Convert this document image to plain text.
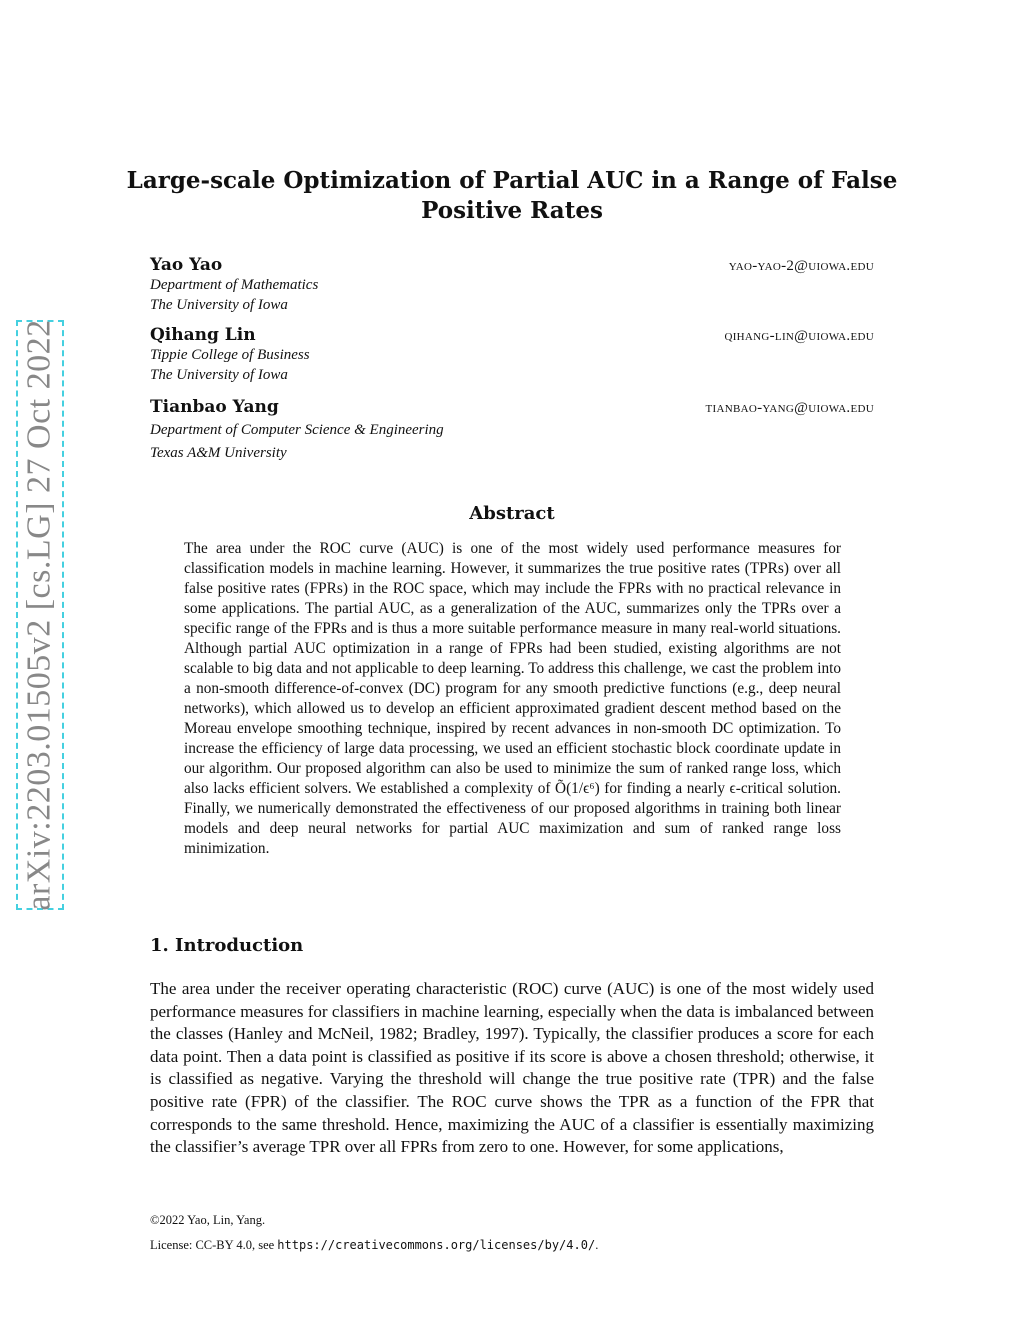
arXiv:2203.01505v2 [cs.LG] 27 Oct 2022
Large-scale Optimization of Partial AUC in a Range of False Positive Rates
Yao Yao	yao-yao-2@uiowa.edu
Department of Mathematics
The University of Iowa
Qihang Lin	qihang-lin@uiowa.edu
Tippie College of Business
The University of Iowa
Tianbao Yang	tianbao-yang@uiowa.edu
Department of Computer Science & Engineering
Texas A&M University
Abstract
The area under the ROC curve (AUC) is one of the most widely used performance measures for classification models in machine learning. However, it summarizes the true positive rates (TPRs) over all false positive rates (FPRs) in the ROC space, which may include the FPRs with no practical relevance in some applications. The partial AUC, as a generalization of the AUC, summarizes only the TPRs over a specific range of the FPRs and is thus a more suitable performance measure in many real-world situations. Although partial AUC optimization in a range of FPRs had been studied, existing algorithms are not scalable to big data and not applicable to deep learning. To address this challenge, we cast the problem into a non-smooth difference-of-convex (DC) program for any smooth predictive functions (e.g., deep neural networks), which allowed us to develop an efficient approximated gradient descent method based on the Moreau envelope smoothing technique, inspired by recent advances in non-smooth DC optimization. To increase the efficiency of large data processing, we used an efficient stochastic block coordinate update in our algorithm. Our proposed algorithm can also be used to minimize the sum of ranked range loss, which also lacks efficient solvers. We established a complexity of Õ(1/ϵ⁶) for finding a nearly ϵ-critical solution. Finally, we numerically demonstrated the effectiveness of our proposed algorithms in training both linear models and deep neural networks for partial AUC maximization and sum of ranked range loss minimization.
1. Introduction
The area under the receiver operating characteristic (ROC) curve (AUC) is one of the most widely used performance measures for classifiers in machine learning, especially when the data is imbalanced between the classes (Hanley and McNeil, 1982; Bradley, 1997). Typically, the classifier produces a score for each data point. Then a data point is classified as positive if its score is above a chosen threshold; otherwise, it is classified as negative. Varying the threshold will change the true positive rate (TPR) and the false positive rate (FPR) of the classifier. The ROC curve shows the TPR as a function of the FPR that corresponds to the same threshold. Hence, maximizing the AUC of a classifier is essentially maximizing the classifier’s average TPR over all FPRs from zero to one. However, for some applications,
©2022 Yao, Lin, Yang.
License: CC-BY 4.0, see https://creativecommons.org/licenses/by/4.0/.
